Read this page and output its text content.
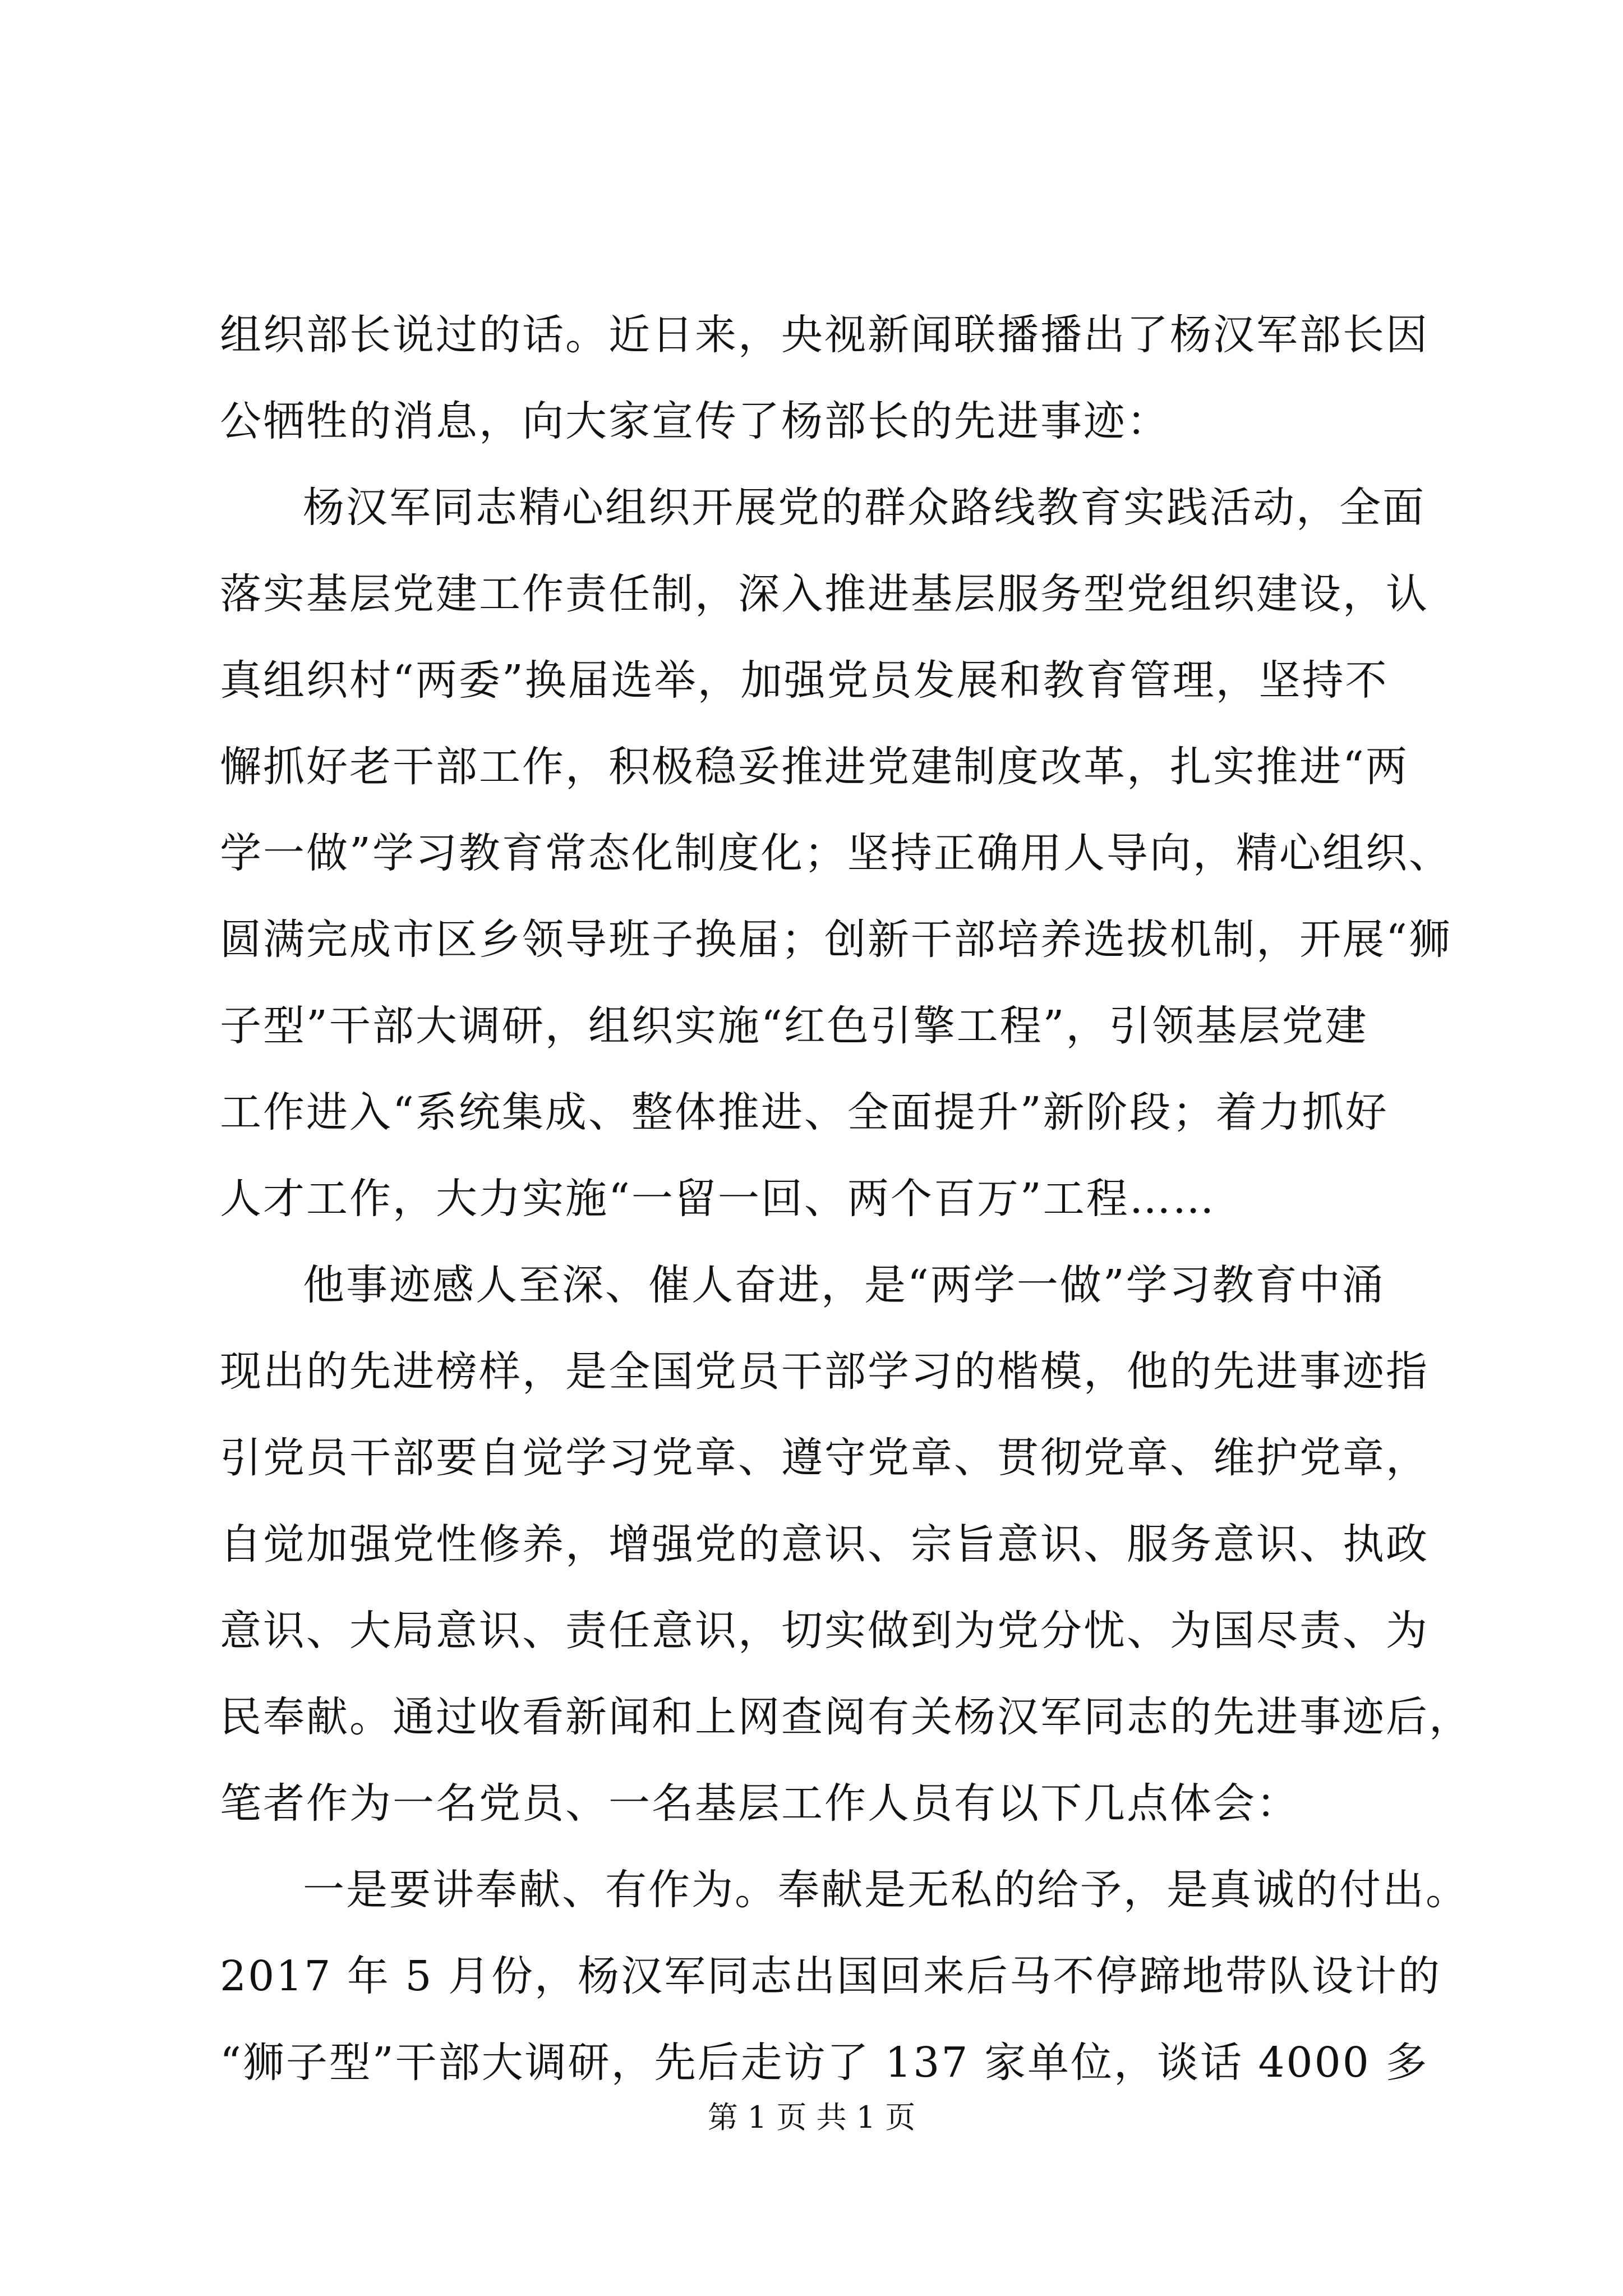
组织部长说过的话。近日来，央视新闻联播播出了杨汉军部长因
公牺牲的消息，向大家宣传了杨部长的先进事迹：
杨汉军同志精心组织开展党的群众路线教育实践活动，全面
落实基层党建工作责任制，深入推进基层服务型党组织建设，认
真组织村“两委”换届选举，加强党员发展和教育管理，坚持不
懈抓好老干部工作，积极稳妥推进党建制度改革，扎实推进“两
学一做”学习教育常态化制度化；坚持正确用人导向，精心组织、
圆满完成市区乡领导班子换届；创新干部培养选拔机制，开展“狮
子型”干部大调研，组织实施“红色引擎工程”，引领基层党建
工作进入“系统集成、整体推进、全面提升”新阶段；着力抓好
人才工作，大力实施“一留一回、两个百万”工程……
他事迹感人至深、催人奋进，是“两学一做”学习教育中涌
现出的先进榜样，是全国党员干部学习的楷模，他的先进事迹指
引党员干部要自觉学习党章、遵守党章、贯彻党章、维护党章，
自觉加强党性修养，增强党的意识、宗旨意识、服务意识、执政
意识、大局意识、责任意识，切实做到为党分忧、为国尽责、为
民奉献。通过收看新闻和上网查阅有关杨汉军同志的先进事迹后，
笔者作为一名党员、一名基层工作人员有以下几点体会：
一是要讲奉献、有作为。奉献是无私的给予，是真诚的付出。
2017 年 5 月份，杨汉军同志出国回来后马不停蹄地带队设计的
“狮子型”干部大调研，先后走访了 137 家单位，谈话 4000 多
第 1 页 共 1 页
